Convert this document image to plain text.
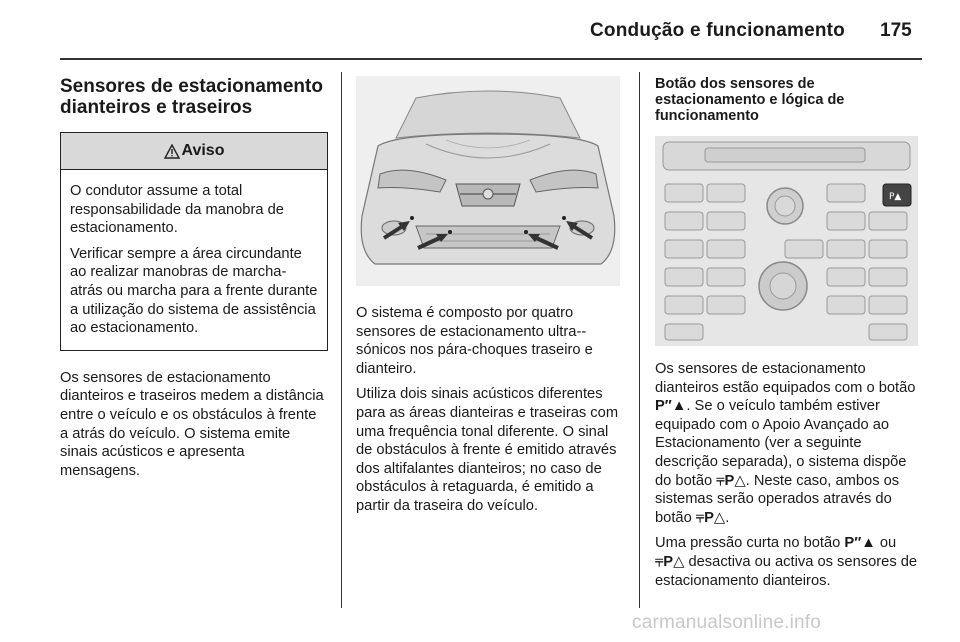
Condução e funcionamento 175
Sensores de estacionamento
dianteiros e traseiros
Aviso

O condutor assume a total responsabilidade da manobra de estacionamento.

Verificar sempre a área circundante ao realizar manobras de marcha-atrás ou marcha para a frente durante a utilização do sistema de assistência ao estacionamento.

Os sensores de estacionamento dianteiros e traseiros medem a distância entre o veículo e os obstáculos à frente a atrás do veículo. O sistema emite sinais acústicos e apresenta mensagens.

O sistema é composto por quatro sensores de estacionamento ultra--sónicos nos pára-choques traseiro e dianteiro.

Utiliza dois sinais acústicos diferentes para as áreas dianteiras e traseiras com uma frequência tonal diferente. O sinal de obstáculos à frente é emitido através dos altifalantes dianteiros; no caso de obstáculos à retaguarda, é emitido a partir da traseira do veículo.

Botão dos sensores de estacionamento e lógica de funcionamento
P▲

Os sensores de estacionamento dianteiros estão equipados com o botão P″▲. Se o veículo também estiver equipado com o Apoio Avançado ao Estacionamento (ver a seguinte descrição separada), o sistema dispõe do botão ⫧P△. Neste caso, ambos os sistemas serão operados através do botão ⫧P△.

Uma pressão curta no botão P″▲ ou ⫧P△ desactiva ou activa os sensores de estacionamento dianteiros.

carmanualsonline.info
